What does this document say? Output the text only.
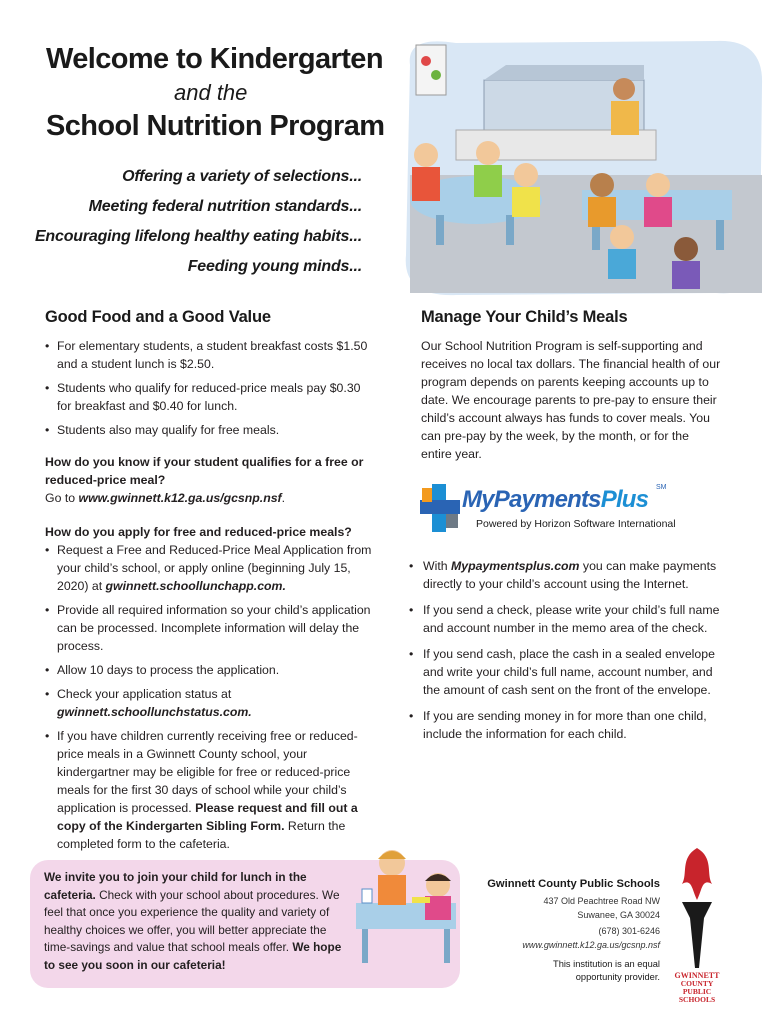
Welcome to Kindergarten
and the
School Nutrition Program
Offering a variety of selections...
Meeting federal nutrition standards...
Encouraging lifelong healthy eating habits...
Feeding young minds...
Good Food and a Good Value
• For elementary students, a student breakfast costs $1.50 and a student lunch is $2.50.
• Students who qualify for reduced-price meals pay $0.30 for breakfast and $0.40 for lunch.
• Students also may qualify for free meals.

How do you know if your student qualifies for a free or reduced-price meal?

Go to www.gwinnett.k12.ga.us/gcsnp.nsf.

How do you apply for free and reduced-price meals?

• Request a Free and Reduced-Price Meal Application from your child’s school, or apply online (beginning July 15, 2020) at gwinnett.schoollunchapp.com.
• Provide all required information so your child’s application can be processed. Incomplete information will delay the process.
• Allow 10 days to process the application.
• Check your application status at gwinnett.schoollunchstatus.com.
• If you have children currently receiving free or reduced-price meals in a Gwinnett County school, your kindergartner may be eligible for free or reduced-price meals for the first 30 days of school while your child’s application is processed. Please request and fill out a copy of the Kindergarten Sibling Form. Return the completed form to the cafeteria.
Manage Your Child’s Meals

Our School Nutrition Program is self-supporting and receives no local tax dollars. The financial health of our program depends on parents keeping accounts up to date. We encourage parents to pre-pay to ensure their child’s account always has funds to cover meals. You can pre-pay by the week, by the month, or for the entire year.

MyPaymentsPlus SM
Powered by Horizon Software International
• With Mypaymentsplus.com you can make payments directly to your child’s account using the Internet.
• If you send a check, please write your child’s full name and account number in the memo area of the check.
• If you send cash, place the cash in a sealed envelope and write your child’s full name, account number, and the amount of cash sent on the front of the envelope.
• If you are sending money in for more than one child, include the information for each child.
We invite you to join your child for lunch in the cafeteria. Check with your school about procedures. We feel that once you experience the quality and variety of healthy choices we offer, you will better appreciate the time-savings and value that school meals offer. We hope to see you soon in our cafeteria!
Gwinnett County Public Schools
437 Old Peachtree Road NW
Suwanee, GA 30024
(678) 301-6246
www.gwinnett.k12.ga.us/gcsnp.nsf
This institution is an equal
opportunity provider. GWINNETT
COUNTY
PUBLIC
SCHOOLS
